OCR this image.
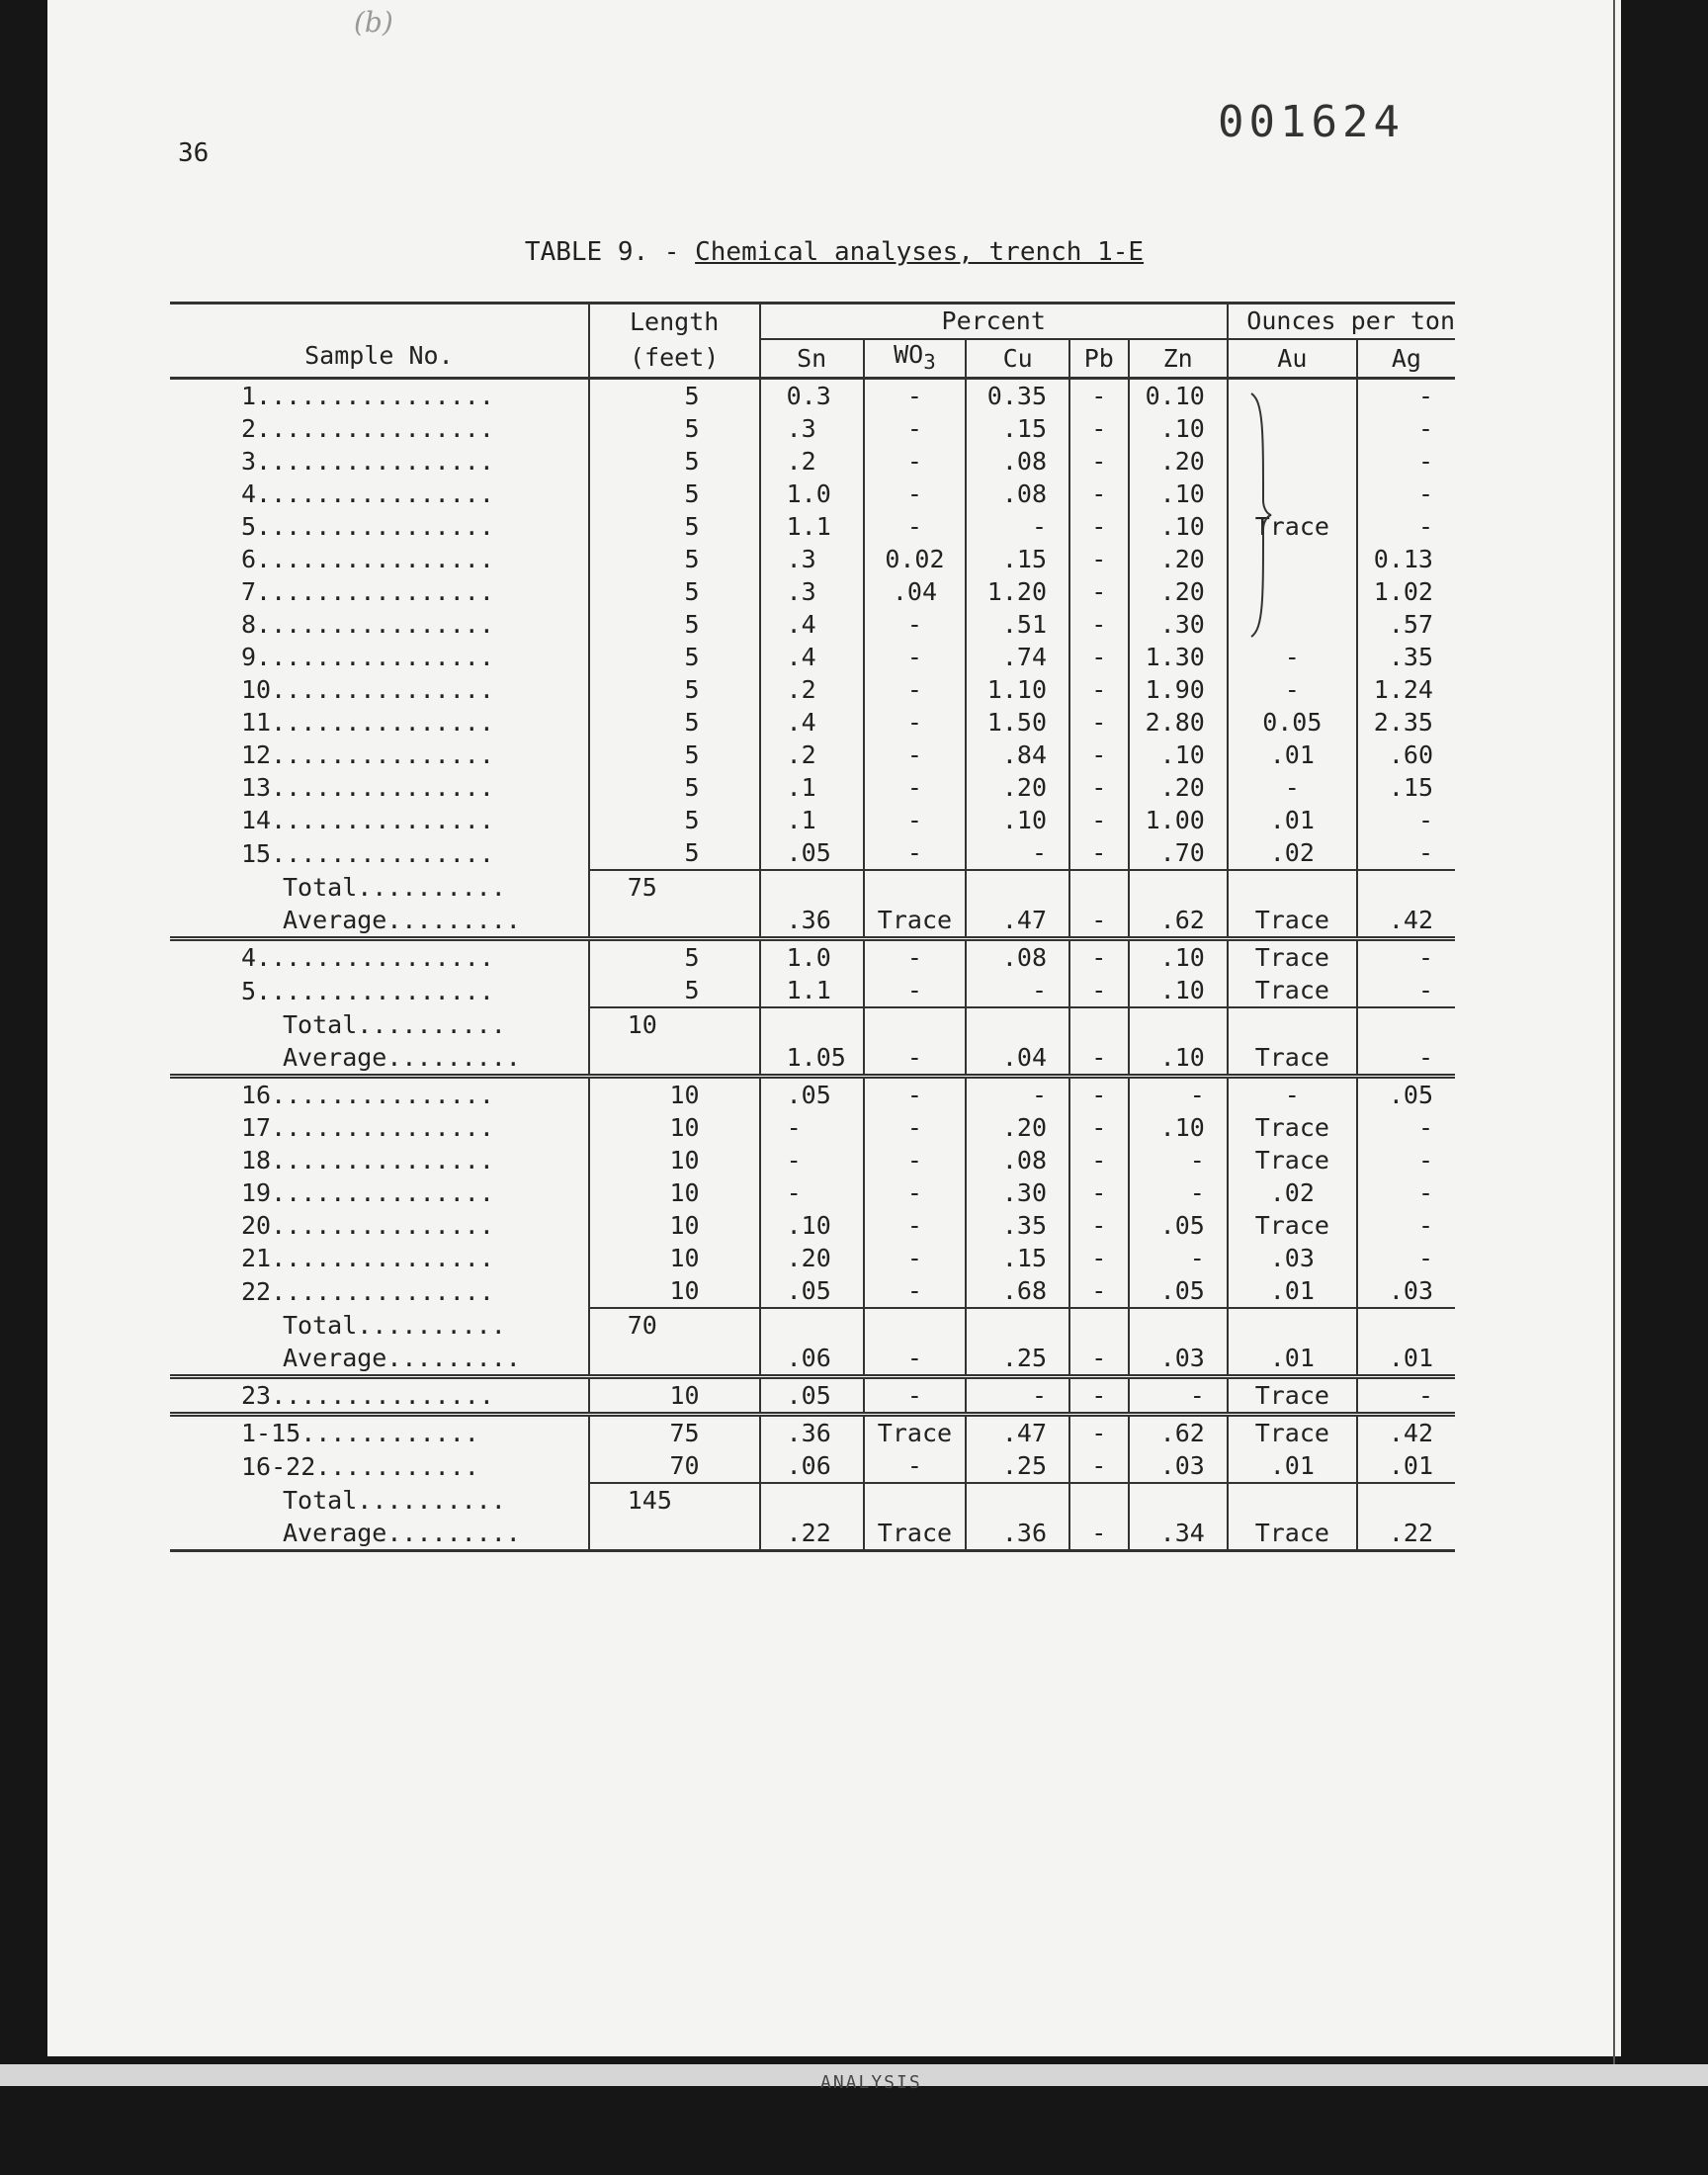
(b)
36
001624
TABLE 9. - Chemical analyses, trench 1-E
Sample No.	Length	Percent					Ounces per ton	
	(feet)	Sn	$WO_3$	Cu	Pb	Zn	Au	Ag
1................	5	0.3	-	0.35	-	0.10		-
2................	5	.3	-	.15	-	.10		-
3................	5	.2	-	.08	-	.20		-
4................	5	1.0	-	.08	-	.10		-
5................	5	1.1	-	-	-	.10	Trace	-
6................	5	.3	0.02	.15	-	.20		0.13
7................	5	.3	.04	1.20	-	.20		1.02
8................	5	.4	-	.51	-	.30		.57
9................	5	.4	-	.74	-	1.30	-	.35
10...............	5	.2	-	1.10	-	1.90	-	1.24
11...............	5	.4	-	1.50	-	2.80	0.05	2.35
12...............	5	.2	-	.84	-	.10	.01	.60
13...............	5	.1	-	.20	-	.20	-	.15
14...............	5	.1	-	.10	-	1.00	.01	-
15...............	5	.05	-	-	-	.70	.02	-
Total..........	75							
Average.........		.36	Trace	.47	-	.62	Trace	.42
4................	5	1.0	-	.08	-	.10	Trace	-
5................	5	1.1	-	-	-	.10	Trace	-
Total..........	10							
Average.........		1.05	-	.04	-	.10	Trace	-
16...............	10	.05	-	-	-	-	-	.05
17...............	10	-	-	.20	-	.10	Trace	-
18...............	10	-	-	.08	-	-	Trace	-
19...............	10	-	-	.30	-	-	.02	-
20...............	10	.10	-	.35	-	.05	Trace	-
21...............	10	.20	-	.15	-	-	.03	-
22...............	10	.05	-	.68	-	.05	.01	.03
Total..........	70							
Average.........		.06	-	.25	-	.03	.01	.01
23...............	10	.05	-	-	-	-	Trace	-
1-15............	75	.36	Trace	.47	-	.62	Trace	.42
16-22...........	70	.06	-	.25	-	.03	.01	.01
Total..........	145							
Average.........		.22	Trace	.36	-	.34	Trace	.22
ANALYSIS
